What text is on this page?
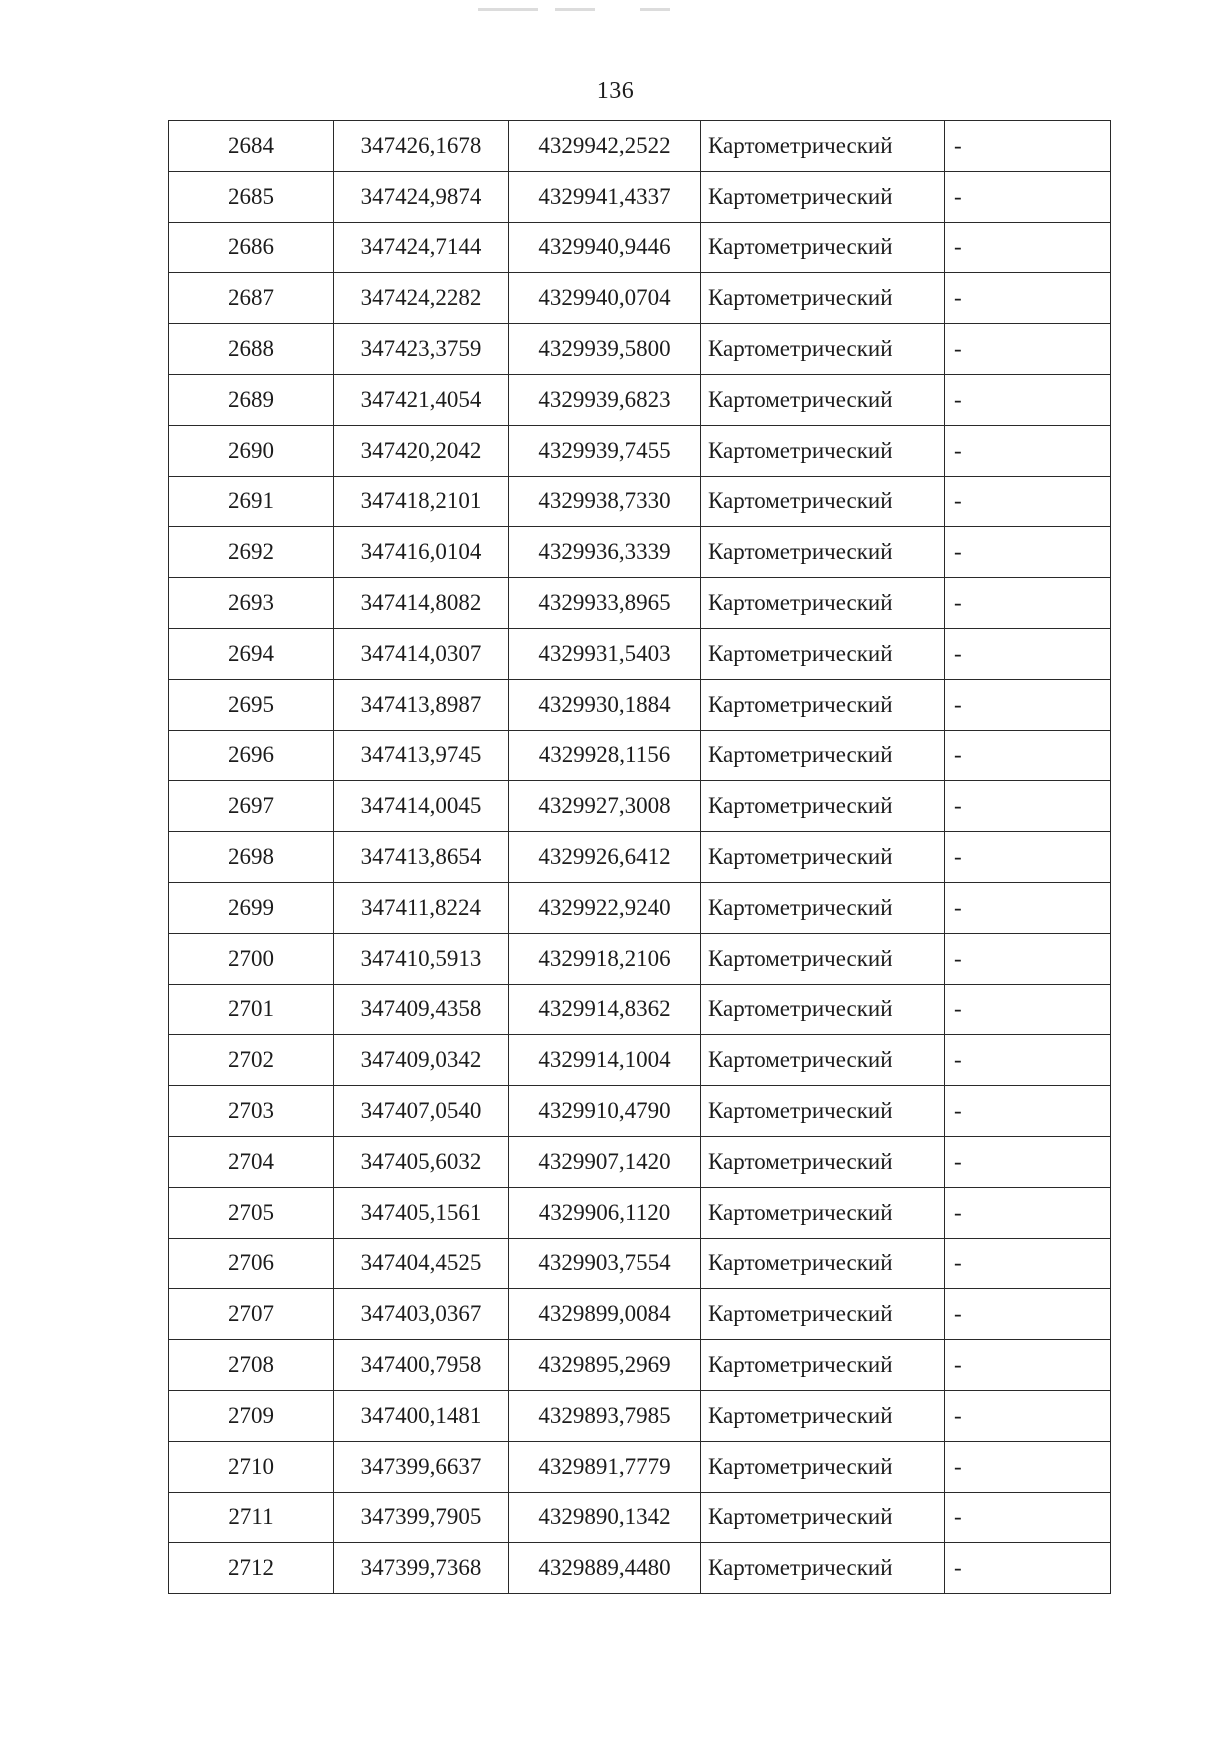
136
2684	347426,1678	4329942,2522	Картометрический	-
2685	347424,9874	4329941,4337	Картометрический	-
2686	347424,7144	4329940,9446	Картометрический	-
2687	347424,2282	4329940,0704	Картометрический	-
2688	347423,3759	4329939,5800	Картометрический	-
2689	347421,4054	4329939,6823	Картометрический	-
2690	347420,2042	4329939,7455	Картометрический	-
2691	347418,2101	4329938,7330	Картометрический	-
2692	347416,0104	4329936,3339	Картометрический	-
2693	347414,8082	4329933,8965	Картометрический	-
2694	347414,0307	4329931,5403	Картометрический	-
2695	347413,8987	4329930,1884	Картометрический	-
2696	347413,9745	4329928,1156	Картометрический	-
2697	347414,0045	4329927,3008	Картометрический	-
2698	347413,8654	4329926,6412	Картометрический	-
2699	347411,8224	4329922,9240	Картометрический	-
2700	347410,5913	4329918,2106	Картометрический	-
2701	347409,4358	4329914,8362	Картометрический	-
2702	347409,0342	4329914,1004	Картометрический	-
2703	347407,0540	4329910,4790	Картометрический	-
2704	347405,6032	4329907,1420	Картометрический	-
2705	347405,1561	4329906,1120	Картометрический	-
2706	347404,4525	4329903,7554	Картометрический	-
2707	347403,0367	4329899,0084	Картометрический	-
2708	347400,7958	4329895,2969	Картометрический	-
2709	347400,1481	4329893,7985	Картометрический	-
2710	347399,6637	4329891,7779	Картометрический	-
2711	347399,7905	4329890,1342	Картометрический	-
2712	347399,7368	4329889,4480	Картометрический	-
